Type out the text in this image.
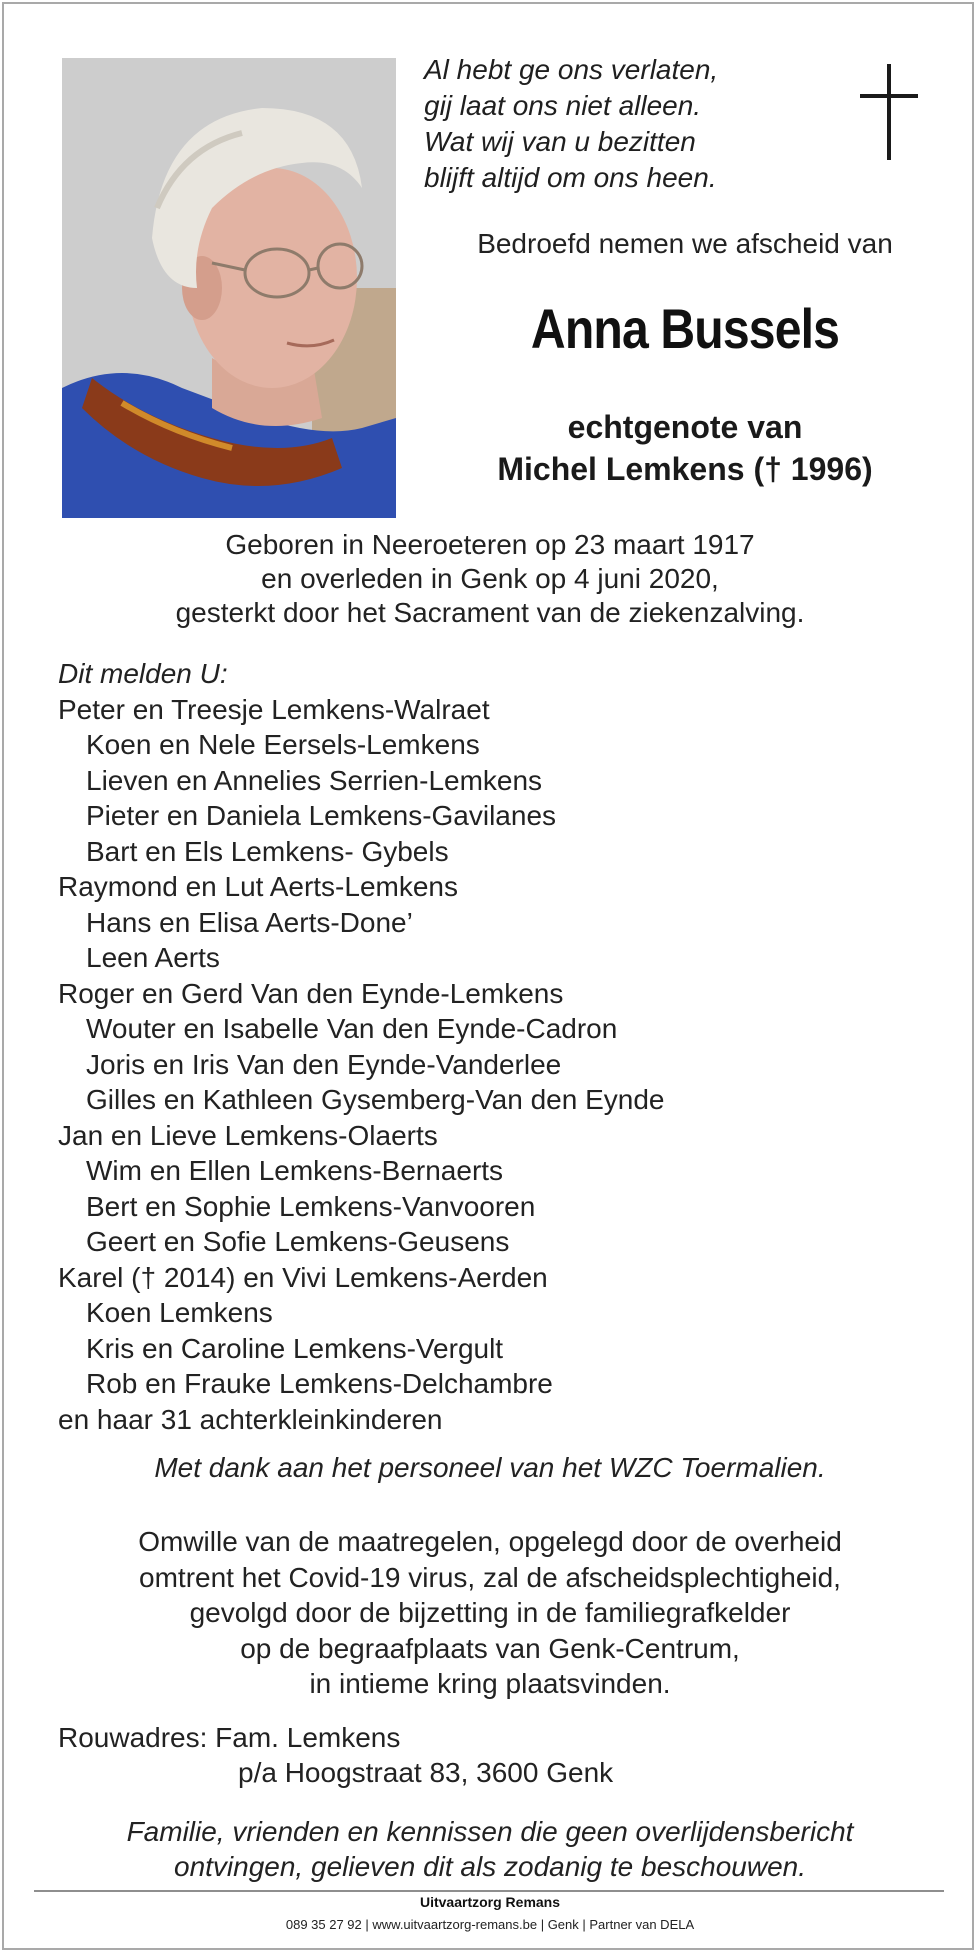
Al hebt ge ons verlaten,
gij laat ons niet alleen.
Wat wij van u bezitten
blijft altijd om ons heen.
Bedroefd nemen we afscheid van
Anna Bussels
echtgenote van
Michel Lemkens († 1996)
Geboren in Neeroeteren op 23 maart 1917
en overleden in Genk op 4 juni 2020,
gesterkt door het Sacrament van de ziekenzalving.
Dit melden U:
Peter en Treesje Lemkens-Walraet
Koen en Nele Eersels-Lemkens
Lieven en Annelies Serrien-Lemkens
Pieter en Daniela Lemkens-Gavilanes
Bart en Els Lemkens- Gybels
Raymond en Lut Aerts-Lemkens
Hans en Elisa Aerts-Done’
Leen Aerts
Roger en Gerd Van den Eynde-Lemkens
Wouter en Isabelle Van den Eynde-Cadron
Joris en Iris Van den Eynde-Vanderlee
Gilles en Kathleen Gysemberg-Van den Eynde
Jan en Lieve Lemkens-Olaerts
Wim en Ellen Lemkens-Bernaerts
Bert en Sophie Lemkens-Vanvooren
Geert en Sofie Lemkens-Geusens
Karel († 2014) en Vivi Lemkens-Aerden
Koen Lemkens
Kris en Caroline Lemkens-Vergult
Rob en Frauke Lemkens-Delchambre
en haar 31 achterkleinkinderen
Met dank aan het personeel van het WZC Toermalien.
Omwille van de maatregelen, opgelegd door de overheid
omtrent het Covid-19 virus, zal de afscheidsplechtigheid,
gevolgd door de bijzetting in de familiegrafkelder
op de begraafplaats van Genk-Centrum,
in intieme kring plaatsvinden.
Rouwadres: Fam. Lemkens
p/a Hoogstraat 83, 3600 Genk
Familie, vrienden en kennissen die geen overlijdensbericht
ontvingen, gelieven dit als zodanig te beschouwen.
Uitvaartzorg Remans
089 35 27 92 | www.uitvaartzorg-remans.be | Genk | Partner van DELA
